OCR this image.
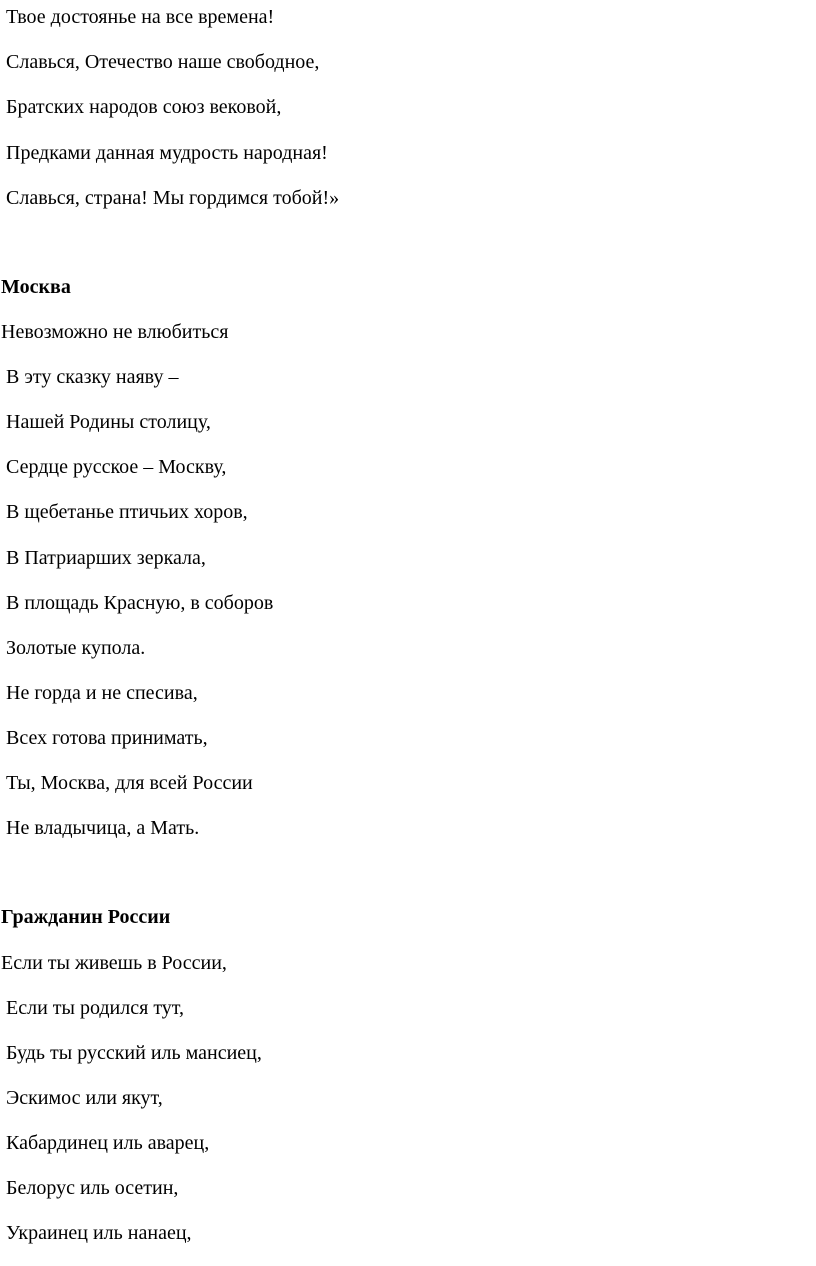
Твое достоянье на все времена!
Славься, Отечество наше свободное,
Братских народов союз вековой,
Предками данная мудрость народная!
Славься, страна! Мы гордимся тобой!»
Москва
Невозможно не влюбиться
В эту сказку наяву –
Нашей Родины столицу,
Сердце русское – Москву,
В щебетанье птичьих хоров,
В Патриарших зеркала,
В площадь Красную, в соборов
Золотые купола.
Не горда и не спесива,
Всех готова принимать,
Ты, Москва, для всей России
Не владычица, а Мать.
Гражданин России
Если ты живешь в России,
Если ты родился тут,
Будь ты русский иль мансиец,
Эскимос или якут,
Кабардинец иль аварец,
Белорус иль осетин,
Украинец иль нанаец,
